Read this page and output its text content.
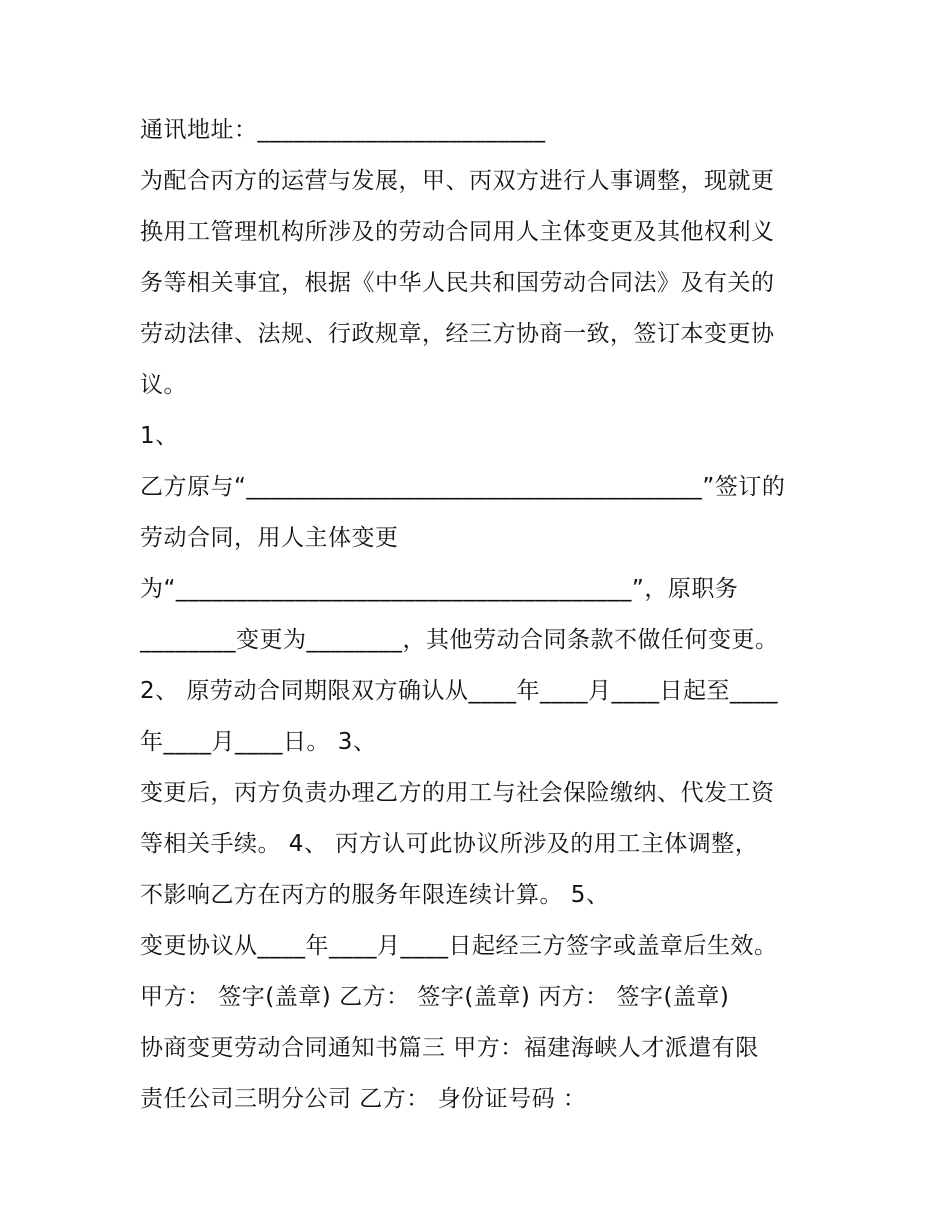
通讯地址：________________________
为配合丙方的运营与发展，甲、丙双方进行人事调整，现就更
换用工管理机构所涉及的劳动合同用人主体变更及其他权利义
务等相关事宜，根据《中华人民共和国劳动合同法》及有关的
劳动法律、法规、行政规章，经三方协商一致，签订本变更协
议。
1、
乙方原与“______________________________________”签订的
劳动合同，用人主体变更
为“______________________________________”，原职务
________变更为________，其他劳动合同条款不做任何变更。
2、 原劳动合同期限双方确认从____年____月____日起至____
年____月____日。 3、
变更后，丙方负责办理乙方的用工与社会保险缴纳、代发工资
等相关手续。 4、 丙方认可此协议所涉及的用工主体调整，
不影响乙方在丙方的服务年限连续计算。 5、
变更协议从____年____月____日起经三方签字或盖章后生效。
甲方： 签字(盖章) 乙方： 签字(盖章) 丙方： 签字(盖章)
协商变更劳动合同通知书篇三 甲方：福建海峡人才派遣有限
责任公司三明分公司 乙方： 身份证号码 ：
